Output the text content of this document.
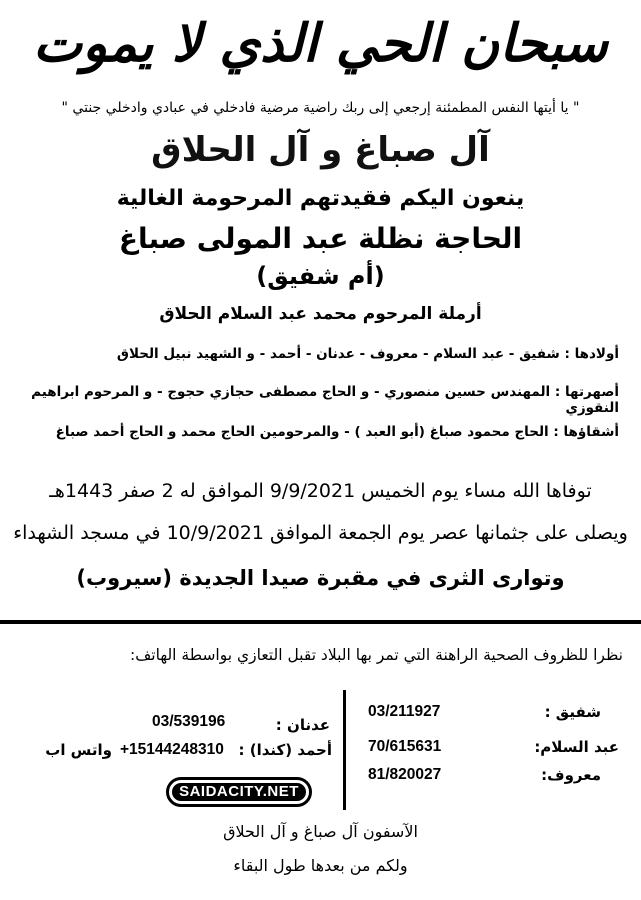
سبحان الحي الذي لا يموت
" يا أيتها النفس المطمئنة إرجعي إلى ربك راضية مرضية فادخلي في عبادي وادخلي جنتي "
آل صباغ و آل الحلاق
ينعون اليكم فقيدتهم المرحومة الغالية
الحاجة نظلة عبد المولى صباغ
(أم شفيق)
أرملة المرحوم محمد عبد السلام الحلاق
أولادها : شفيق - عبد السلام - معروف - عدنان - أحمد - و الشهيد نبيل الحلاق
أصهرتها : المهندس حسين منصوري - و الحاج مصطفى حجازي حجوج - و المرحوم ابراهيم النقوزي
أشقاؤها : الحاج محمود صباغ (أبو العبد ) - والمرحومين الحاج محمد و الحاج أحمد صباغ
توفاها الله مساء يوم الخميس 9/9/2021 الموافق له 2 صفر 1443هـ
ويصلى على جثمانها عصر يوم الجمعة الموافق 10/9/2021 في مسجد الشهداء
وتوارى الثرى في مقبرة صيدا الجديدة (سيروب)
نظرا للظروف الصحية الراهنة التي تمر بها البلاد تقبل التعازي بواسطة الهاتف:
شفيق :
03/211927
عبد السلام:
70/615631
معروف:
81/820027
عدنان :
03/539196
أحمد (كندا) :
+15144248310
واتس اب
SAIDACITY.NET
الآسفون آل صباغ و آل الحلاق
ولكم من بعدها طول البقاء
